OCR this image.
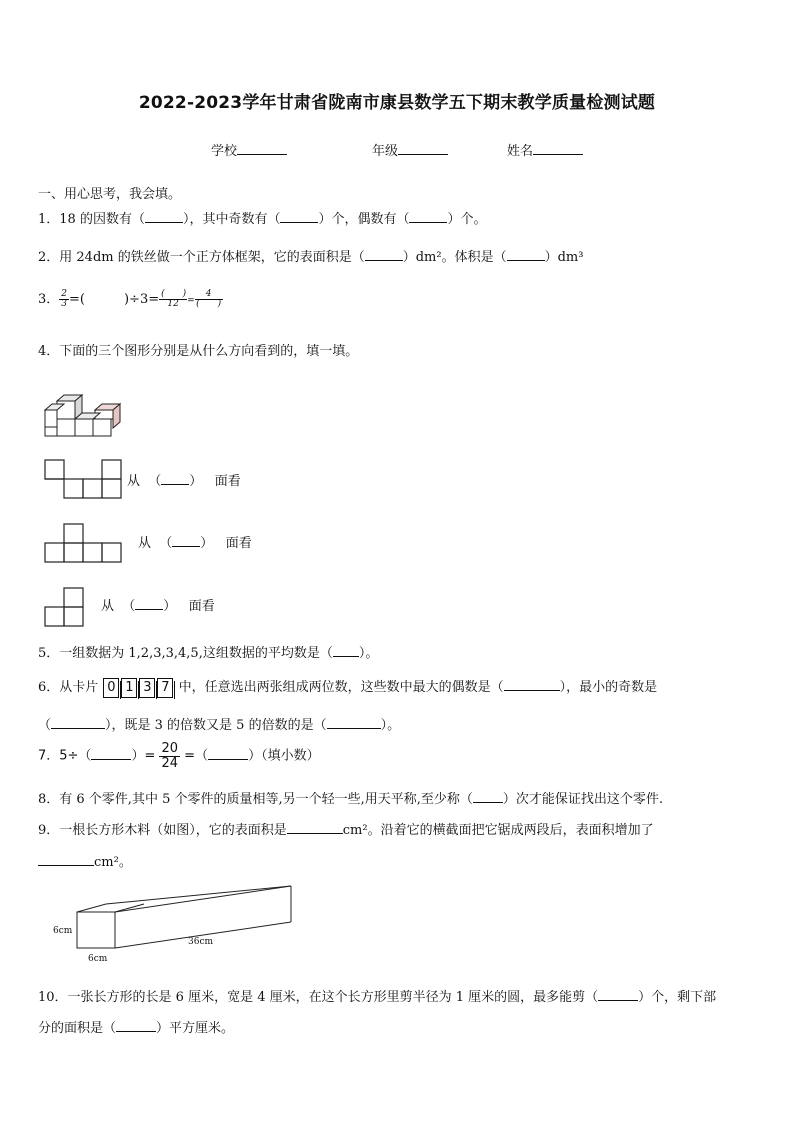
2022-2023学年甘肃省陇南市康县数学五下期末教学质量检测试题
学校	年级	姓名
一、用心思考，我会填。
1．18 的因数有（	），其中奇数有（	）个，偶数有（	）个。
2．用 24dm 的铁丝做一个正方体框架，它的表面积是（	）dm²。体积是（	）dm³
3． $\frac{2}{3}$ =(　　　)$\div 3= \frac{( )}{12} = \frac{4}{( )}$
4．下面的三个图形分别是从什么方向看到的，填一填。
从  （ ）   面看
从  （ ）   面看
从  （ ）   面看
5．一组数据为 1,2,3,3,4,5,这组数据的平均数是（ ）。
6．从卡片 0 1 3 7 中，任意选出两张组成两位数，这些数中最大的偶数是（	），最小的奇数是
（	），既是 3 的倍数又是 5 的倍数的是（	）。
7．5÷（	）= $\frac{20}{24}$ =（	）（填小数）
8．有 6 个零件,其中 5 个零件的质量相等,另一个轻一些,用天平称,至少称（ ）次才能保证找出这个零件.
9．一根长方形木料（如图），它的表面积是	cm²。沿着它的横截面把它锯成两段后，表面积增加了
cm²。
6cm
6cm
36cm
10．一张长方形的长是 6 厘米，宽是 4 厘米，在这个长方形里剪半径为 1 厘米的圆，最多能剪（	）个，剩下部
分的面积是（	）平方厘米。
